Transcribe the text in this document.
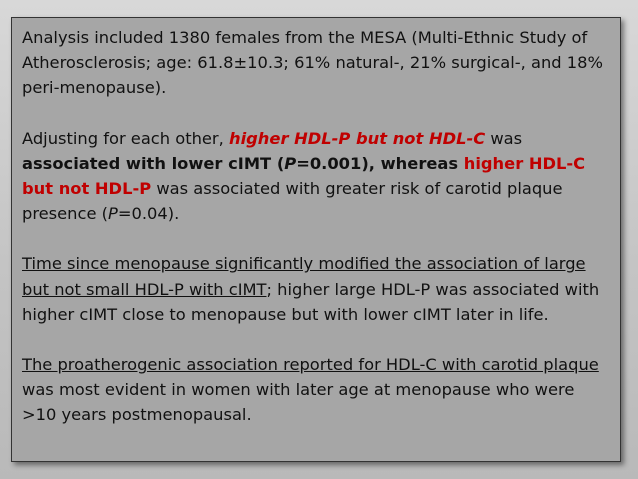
Analysis included 1380 females from the MESA (Multi-Ethnic Study of Atherosclerosis; age: 61.8±10.3; 61% natural-, 21% surgical-, and 18% peri-menopause).

Adjusting for each other, higher HDL-P but not HDL-C was associated with lower cIMT (P=0.001), whereas higher HDL-C but not HDL-P was associated with greater risk of carotid plaque presence (P=0.04).

Time since menopause significantly modified the association of large but not small HDL-P with cIMT; higher large HDL-P was associated with higher cIMT close to menopause but with lower cIMT later in life.

The proatherogenic association reported for HDL-C with carotid plaque was most evident in women with later age at menopause who were >10 years postmenopausal.
